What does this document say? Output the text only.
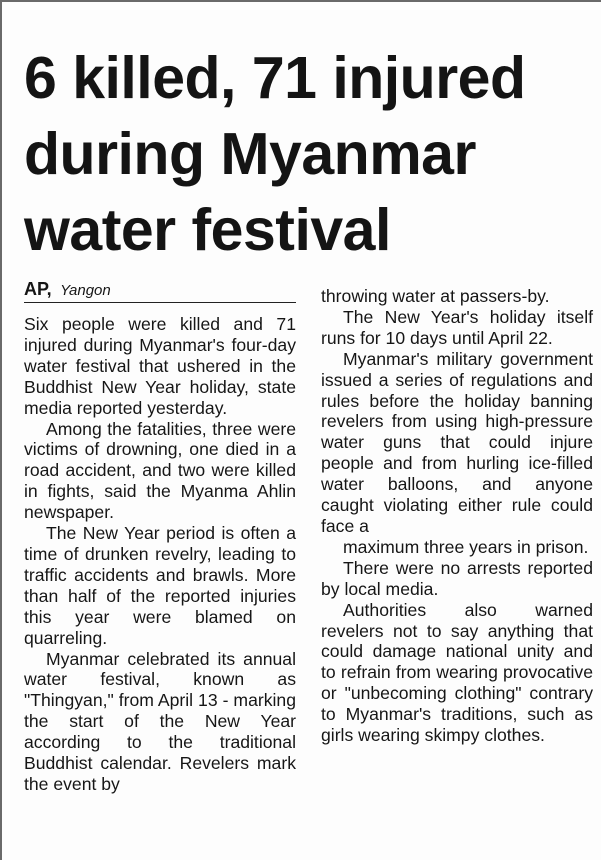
6 killed, 71 injured during Myanmar water festival
AP, Yangon

Six people were killed and 71 injured during Myanmar's four-day water festival that ushered in the Buddhist New Year holiday, state media reported yesterday.

Among the fatalities, three were victims of drowning, one died in a road accident, and two were killed in fights, said the Myanma Ahlin newspaper.

The New Year period is often a time of drunken revelry, leading to traffic accidents and brawls. More than half of the reported injuries this year were blamed on quarreling.

Myanmar celebrated its annual water festival, known as "Thingyan," from April 13 - marking the start of the New Year according to the traditional Buddhist calendar. Revelers mark the event by

throwing water at passers-by.

The New Year's holiday itself runs for 10 days until April 22.

Myanmar's military government issued a series of regulations and rules before the holiday banning revelers from using high-pressure water guns that could injure people and from hurling ice-filled water balloons, and anyone caught violating either rule could face a

maximum three years in prison.

There were no arrests reported by local media.

Authorities also warned revelers not to say anything that could damage national unity and to refrain from wearing provocative or "unbecoming clothing" contrary to Myanmar's traditions, such as girls wearing skimpy clothes.
